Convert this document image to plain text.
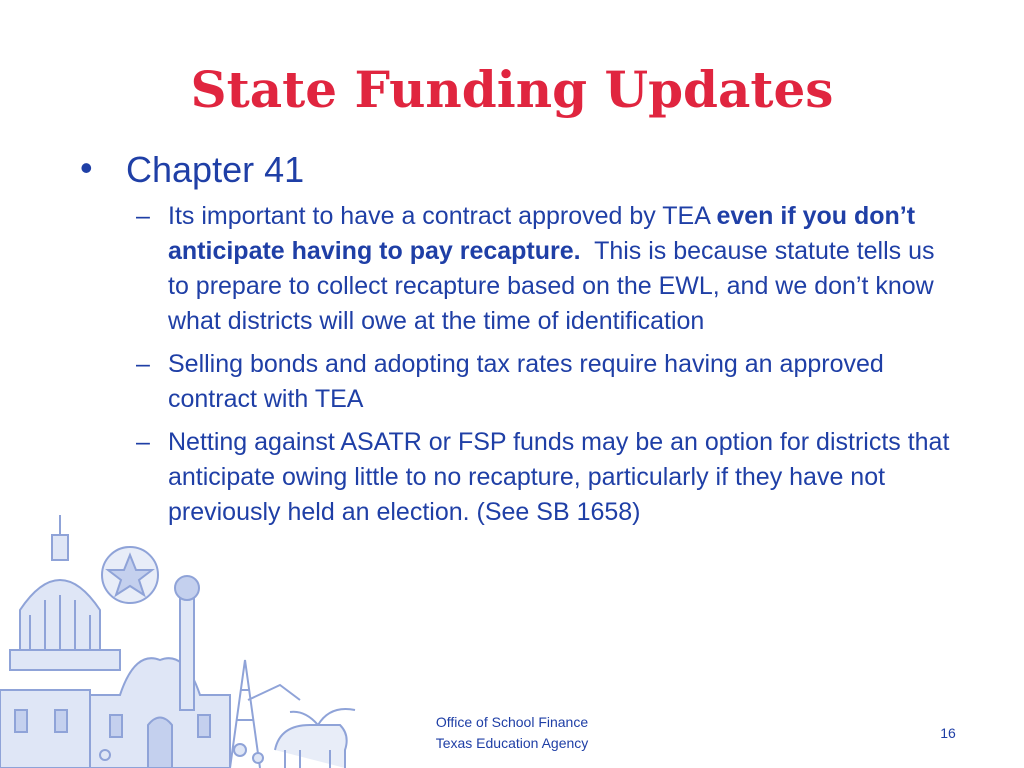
State Funding Updates
• Chapter 41
– Its important to have a contract approved by TEA even if you don’t anticipate having to pay recapture.  This is because statute tells us to prepare to collect recapture based on the EWL, and we don’t know what districts will owe at the time of identification
– Selling bonds and adopting tax rates require having an approved contract with TEA
– Netting against ASATR or FSP funds may be an option for districts that anticipate owing little to no recapture, particularly if they have not previously held an election. (See SB 1658)
Office of School Finance
Texas Education Agency
16
